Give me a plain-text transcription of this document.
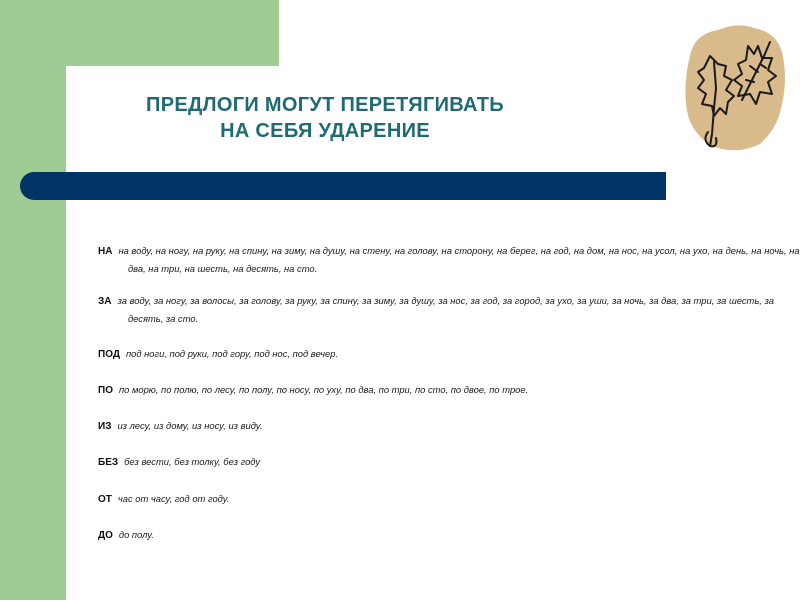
ПРЕДЛОГИ МОГУТ ПЕРЕТЯГИВАТЬ
НА СЕБЯ УДАРЕНИЕ
НА на воду, на ногу, на руку, на спину, на зиму, на душу, на стену, на голову, на сторону, на берег, на год, на дом, на нос, на усол, на ухо, на день, на ночь, на два, на три, на шесть, на десять, на сто.
ЗА за воду, за ногу, за волосы, за голову, за руку, за спину, за зиму, за душу, за нос, за год, за город, за ухо, за уши, за ночь, за два, за три, за шесть, за десять, за сто.
ПОД под ноги, под руки, под гору, под нос, под вечер.
ПО по морю, по полю, по лесу, по полу, по носу, по уху, по два, по три, по сто, по двое, по трое.
ИЗ из лесу, из дому, из носу, из виду.
БЕЗ без вести, без толку, без году
ОТ час от часу, год от году.
ДО до полу.
